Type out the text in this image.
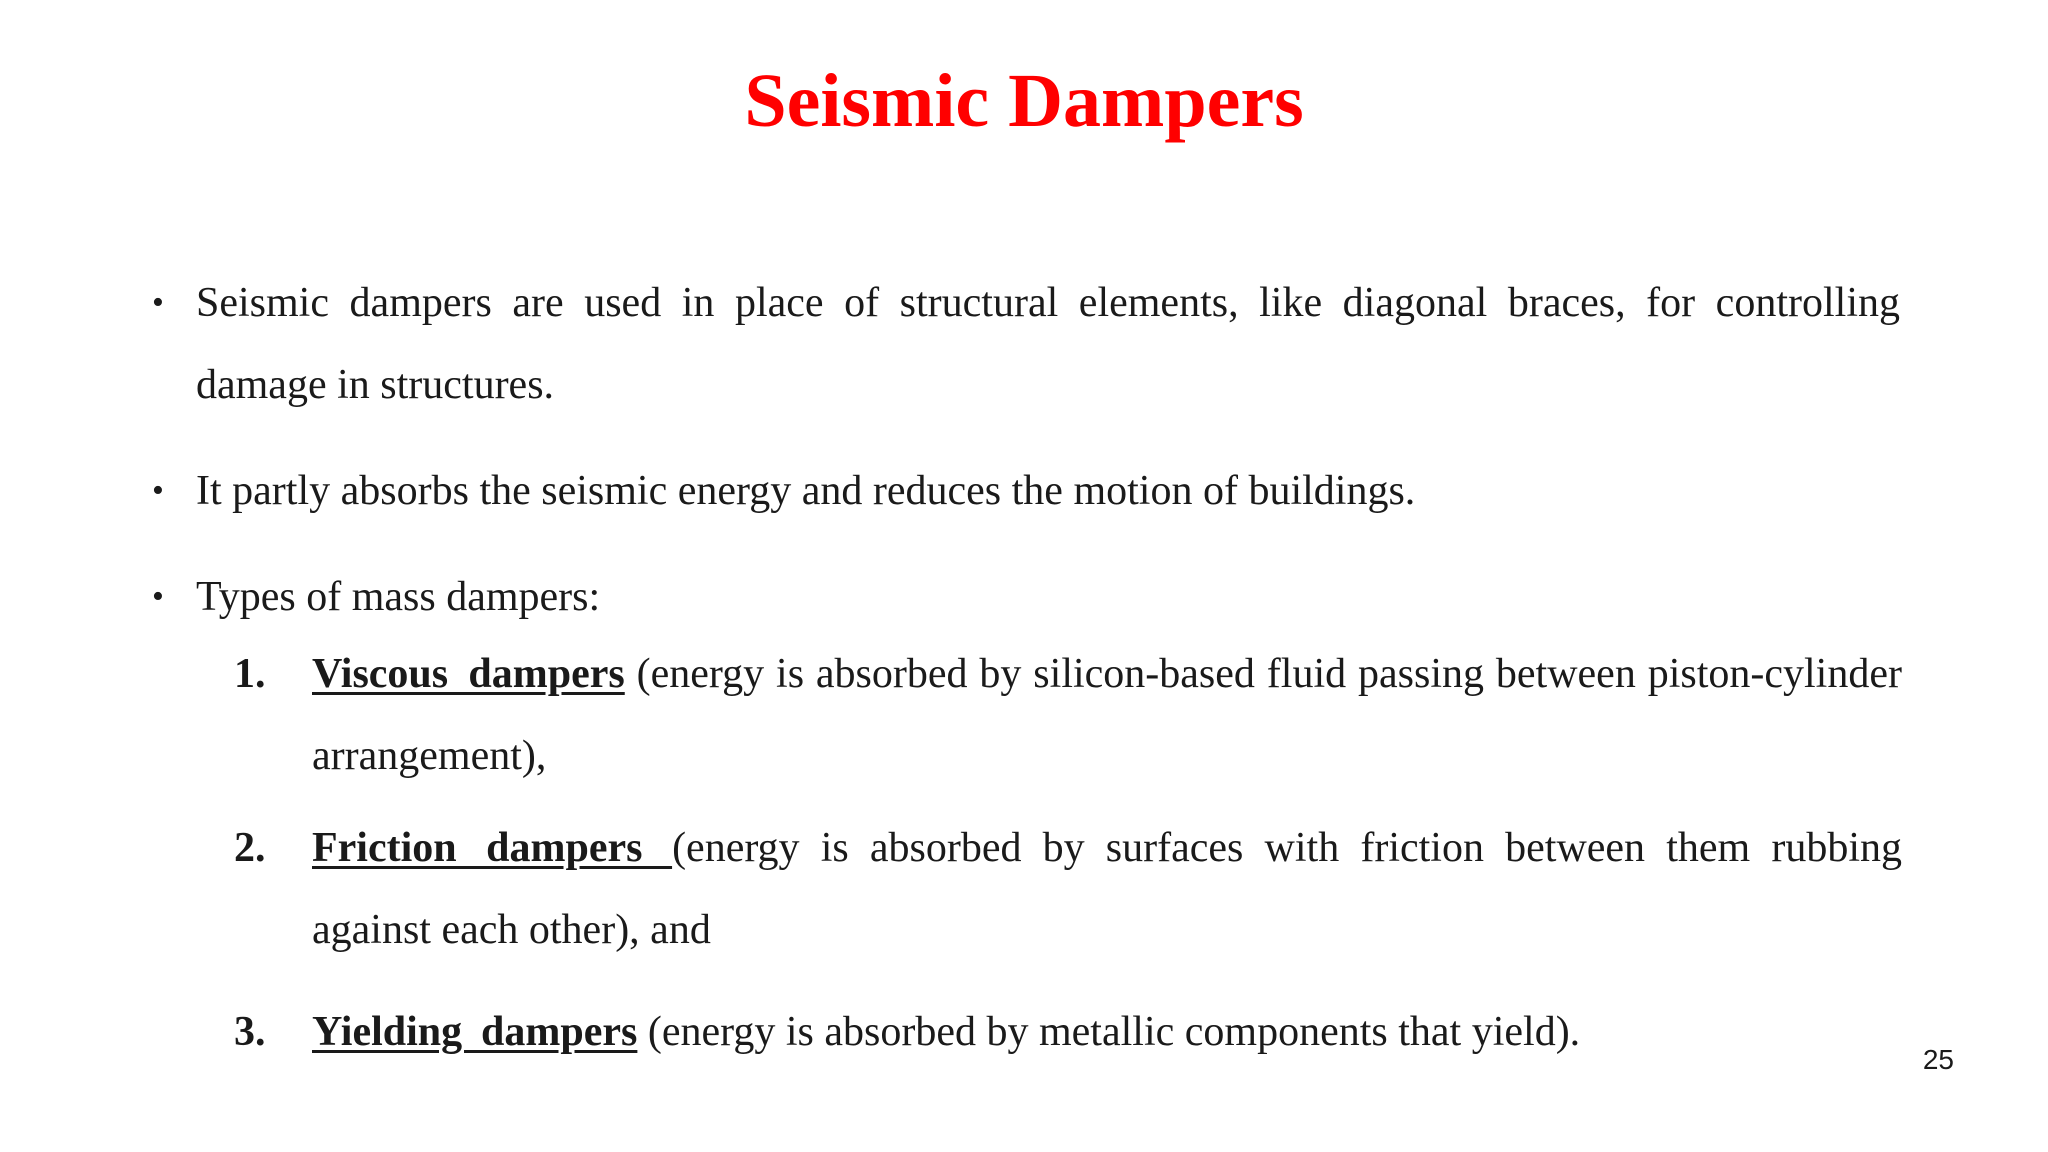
Seismic Dampers
• Seismic dampers are used in place of structural elements, like diagonal braces, for controlling damage in structures.
• It partly absorbs the seismic energy and reduces the motion of buildings.
• Types of mass dampers:
1. Viscous dampers (energy is absorbed by silicon-based fluid passing between piston-cylinder arrangement),
2. Friction dampers (energy is absorbed by surfaces with friction between them rubbing against each other), and
3. Yielding dampers (energy is absorbed by metallic components that yield).
25
